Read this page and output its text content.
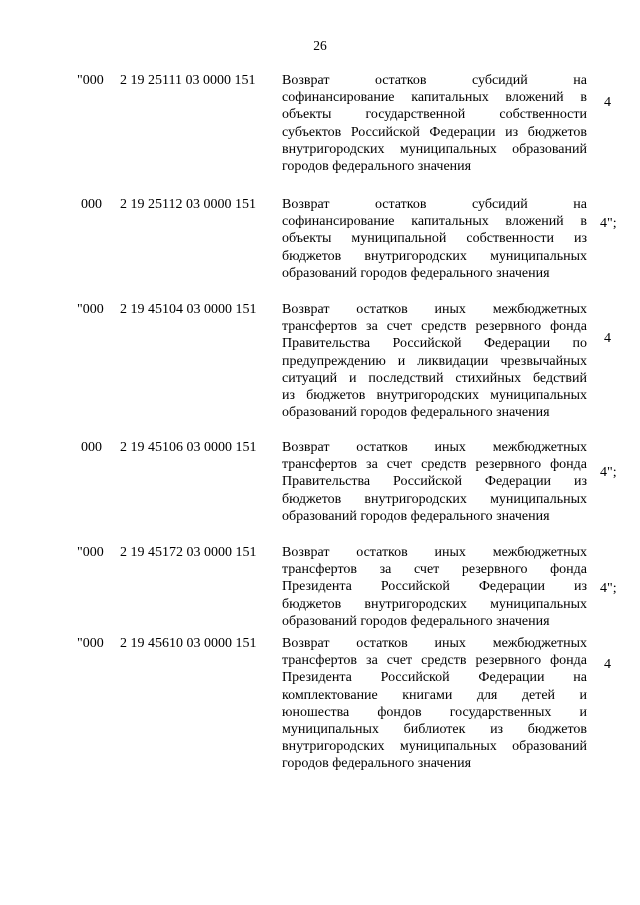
26
"000 2 19 25111 03 0000 151 Возврат остатков субсидий на
софинансирование капитальных вложений в
объекты государственной собственности
субъектов Российской Федерации из бюджетов
внутригородских муниципальных образований
городов федерального значения
4
000 2 19 25112 03 0000 151 Возврат остатков субсидий на
софинансирование капитальных вложений в
объекты муниципальной собственности из
бюджетов внутригородских муниципальных
образований городов федерального значения
4";
"000 2 19 45104 03 0000 151 Возврат остатков иных межбюджетных
трансфертов за счет средств резервного фонда
Правительства Российской Федерации по
предупреждению и ликвидации чрезвычайных
ситуаций и последствий стихийных бедствий
из бюджетов внутригородских муниципальных
образований городов федерального значения
4
000 2 19 45106 03 0000 151 Возврат остатков иных межбюджетных
трансфертов за счет средств резервного фонда
Правительства Российской Федерации из
бюджетов внутригородских муниципальных
образований городов федерального значения
4";
"000 2 19 45172 03 0000 151 Возврат остатков иных межбюджетных
трансфертов за счет резервного фонда
Президента Российской Федерации из
бюджетов внутригородских муниципальных
образований городов федерального значения
4";
"000 2 19 45610 03 0000 151 Возврат остатков иных межбюджетных
трансфертов за счет средств резервного фонда
Президента Российской Федерации на
комплектование книгами для детей и
юношества фондов государственных и
муниципальных библиотек из бюджетов
внутригородских муниципальных образований
городов федерального значения
4
